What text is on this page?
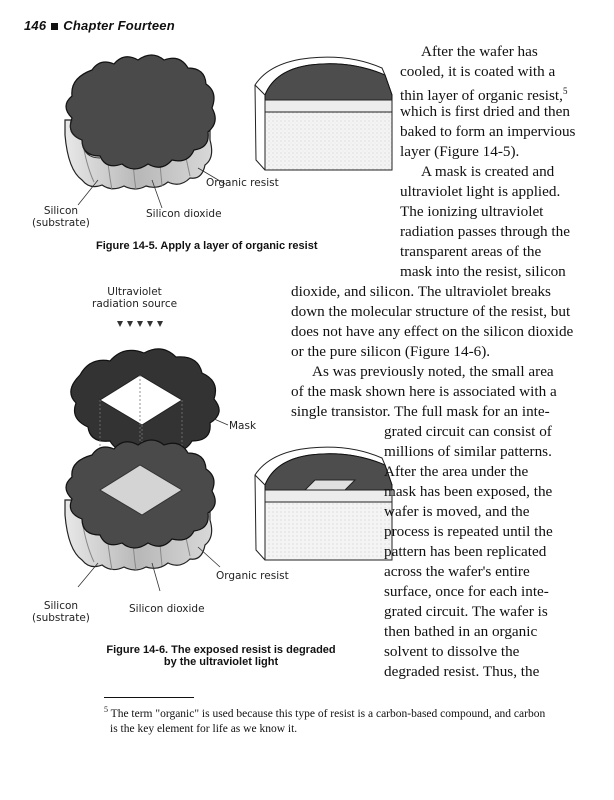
146 Chapter Fourteen
Organic resist
Silicon
(substrate)
Silicon dioxide
Figure 14-5. Apply a layer of organic resist
Ultraviolet
radiation source
Mask
Organic resist
Silicon
(substrate)
Silicon dioxide
Figure 14-6. The exposed resist is degraded
by the ultraviolet light
After the wafer has
cooled, it is coated with a
thin layer of organic resist,$^5$
which is first dried and then
baked to form an impervious
layer (Figure 14-5).
A mask is created and
ultraviolet light is applied.
The ionizing ultraviolet
radiation passes through the
transparent areas of the
mask into the resist, silicon
dioxide, and silicon. The ultraviolet breaks
down the molecular structure of the resist, but
does not have any effect on the silicon dioxide
or the pure silicon (Figure 14-6).
As was previously noted, the small area
of the mask shown here is associated with a
single transistor. The full mask for an inte-
grated circuit can consist of
millions of similar patterns.
After the area under the
mask has been exposed, the
wafer is moved, and the
process is repeated until the
pattern has been replicated
across the wafer's entire
surface, once for each inte-
grated circuit. The wafer is
then bathed in an organic
solvent to dissolve the
degraded resist. Thus, the
$^5$ The term "organic" is used because this type of resist is a carbon-based compound, and carbon
is the key element for life as we know it.
